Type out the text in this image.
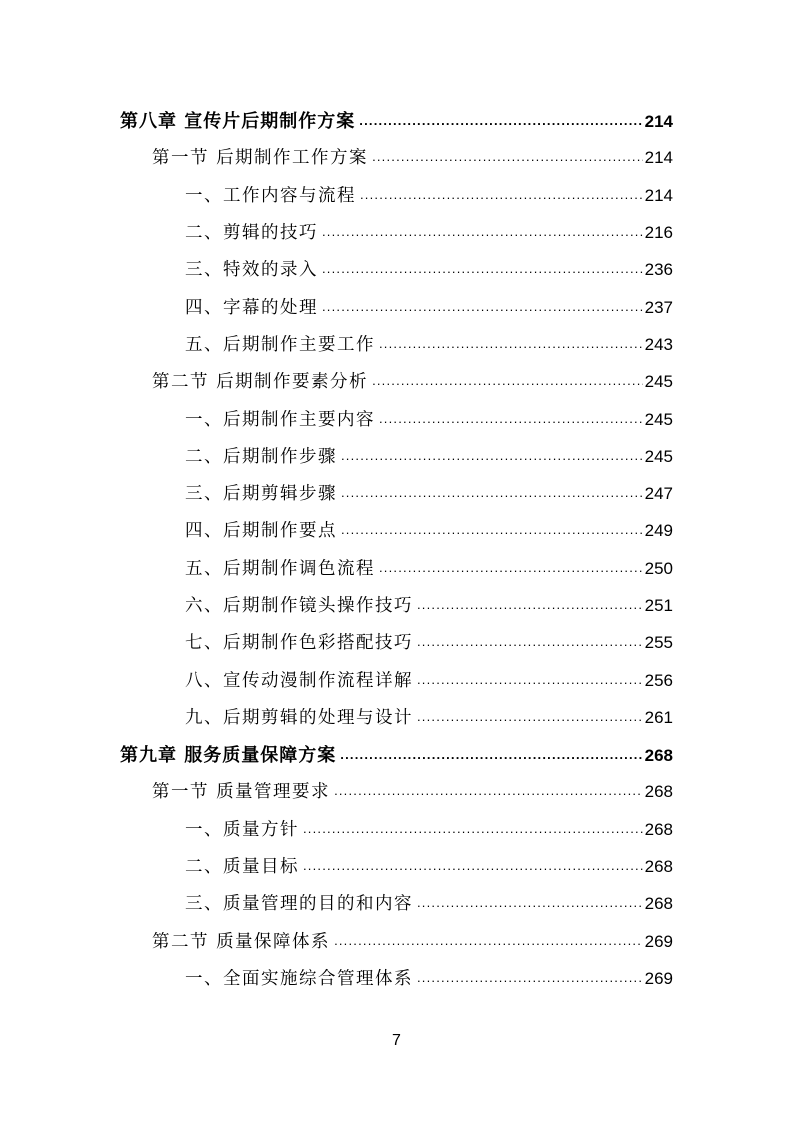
第八章 宣传片后期制作方案 .....	214
第一节 后期制作工作方案 .....	214
一、工作内容与流程 .....	214
二、剪辑的技巧 .....	216
三、特效的录入 .....	236
四、字幕的处理 .....	237
五、后期制作主要工作 .....	243
第二节 后期制作要素分析 .....	245
一、后期制作主要内容 .....	245
二、后期制作步骤 .....	245
三、后期剪辑步骤 .....	247
四、后期制作要点 .....	249
五、后期制作调色流程 .....	250
六、后期制作镜头操作技巧 .....	251
七、后期制作色彩搭配技巧 .....	255
八、宣传动漫制作流程详解 .....	256
九、后期剪辑的处理与设计 .....	261
第九章 服务质量保障方案 .....	268
第一节 质量管理要求 .....	268
一、质量方针 .....	268
二、质量目标 .....	268
三、质量管理的目的和内容 .....	268
第二节 质量保障体系 .....	269
一、全面实施综合管理体系 .....	269
7
